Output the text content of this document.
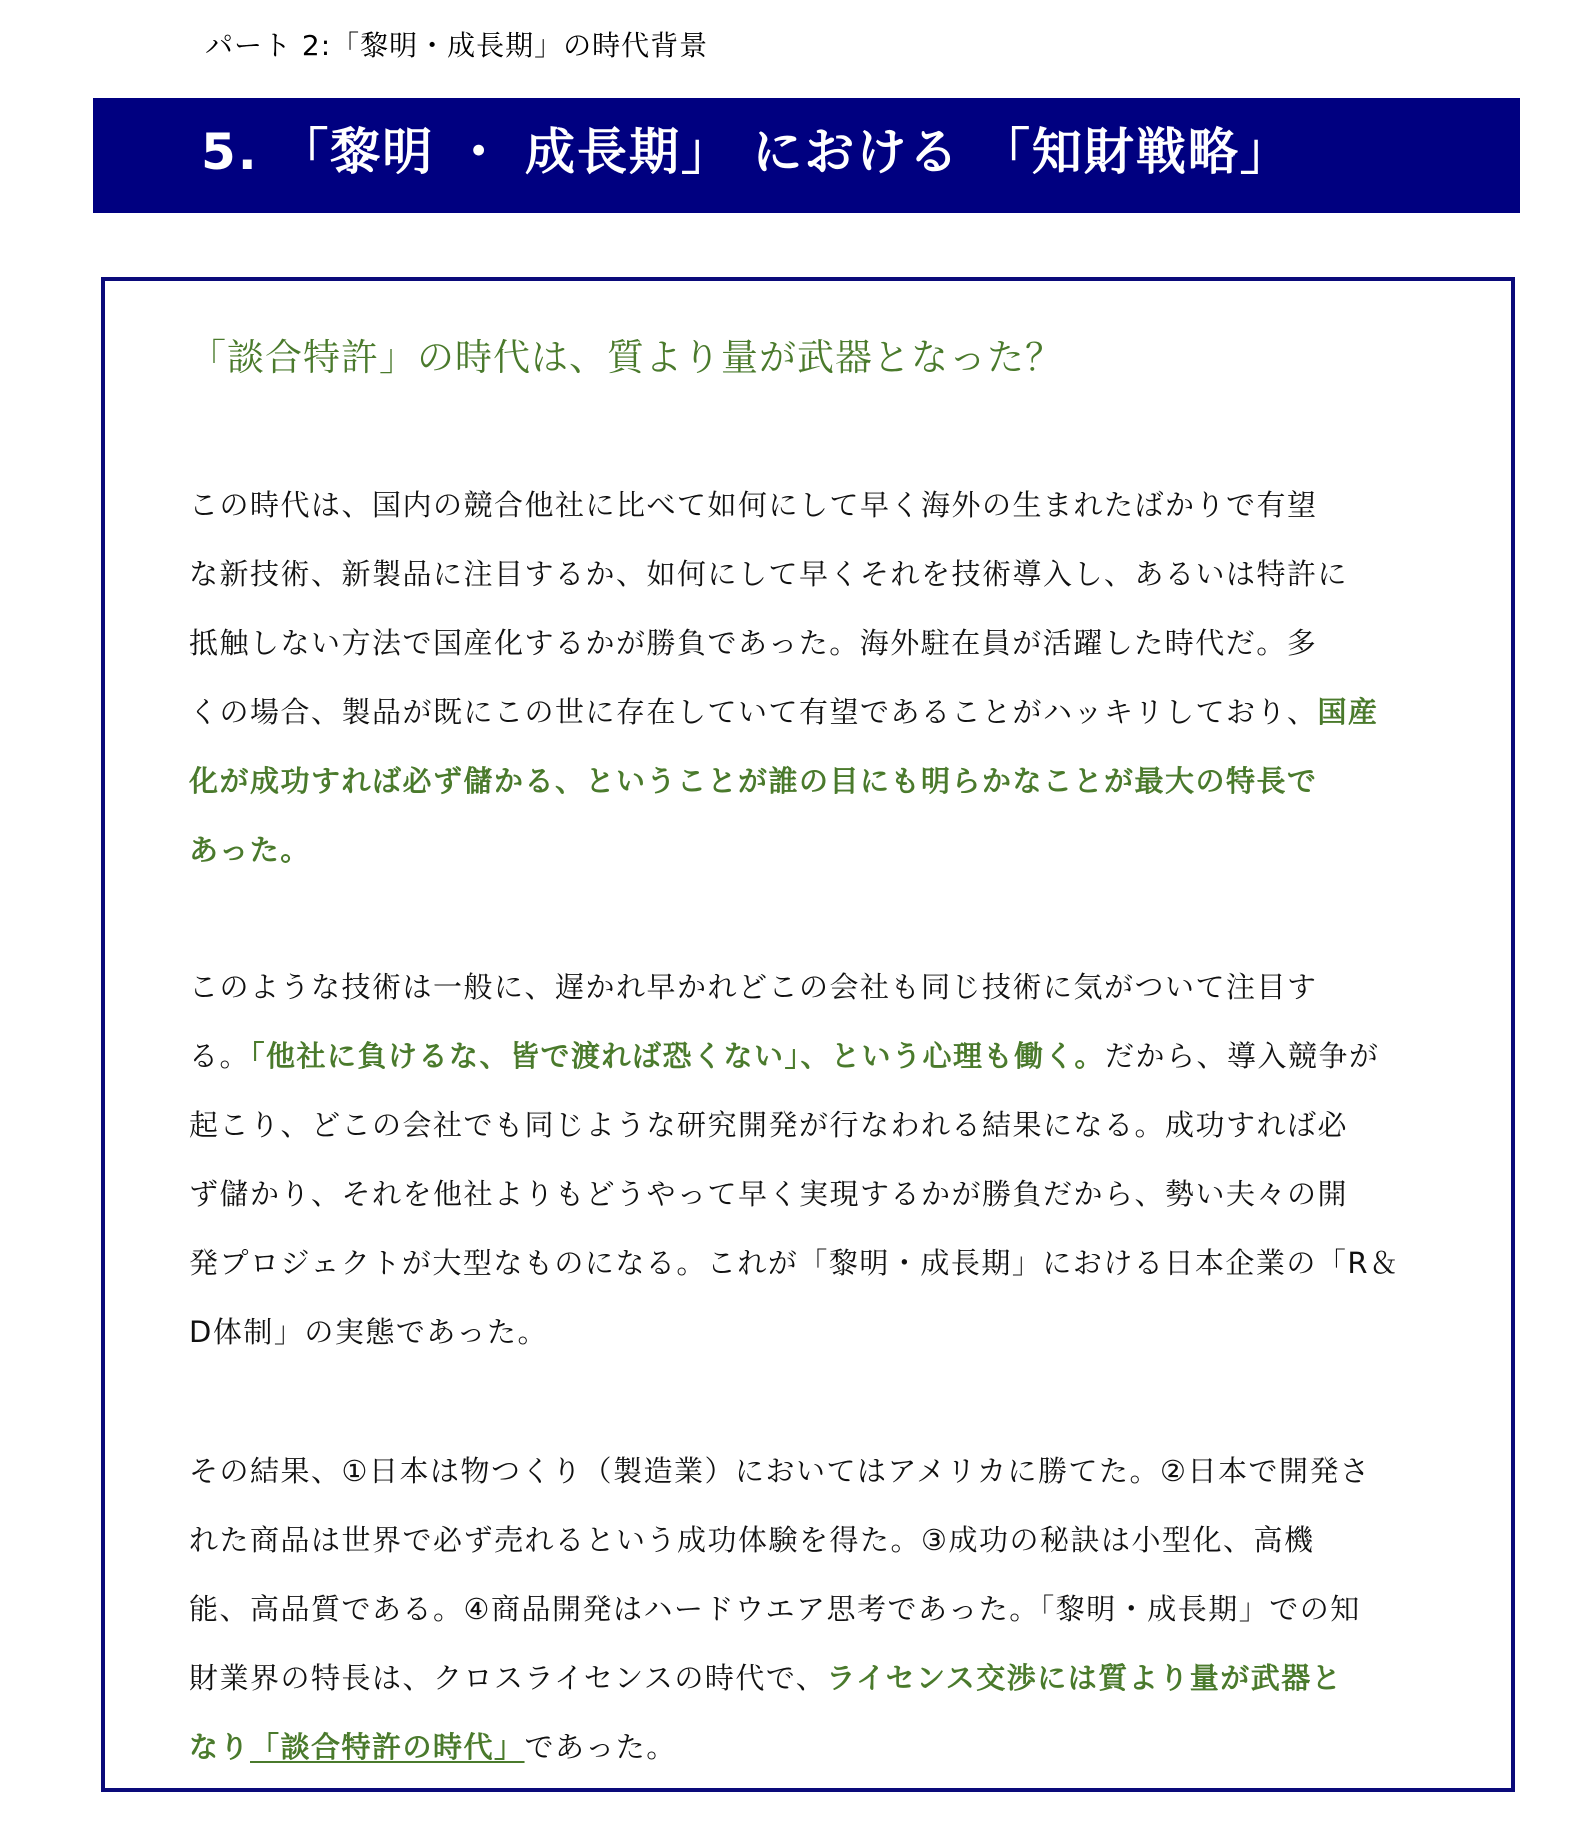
パート 2:「黎明・成長期」の時代背景
5. 「黎明 ・ 成長期」 における 「知財戦略」
「談合特許」の時代は、質より量が武器となった？
この時代は、国内の競合他社に比べて如何にして早く海外の生まれたばかりで有望
な新技術、新製品に注目するか、如何にして早くそれを技術導入し、あるいは特許に
抵触しない方法で国産化するかが勝負であった。海外駐在員が活躍した時代だ。多
くの場合、製品が既にこの世に存在していて有望であることがハッキリしており、国産
化が成功すれば必ず儲かる、ということが誰の目にも明らかなことが最大の特長で
あった。
このような技術は一般に、遅かれ早かれどこの会社も同じ技術に気がついて注目す
る。「他社に負けるな、皆で渡れば恐くない」、という心理も働く。だから、導入競争が
起こり、どこの会社でも同じような研究開発が行なわれる結果になる。成功すれば必
ず儲かり、それを他社よりもどうやって早く実現するかが勝負だから、勢い夫々の開
発プロジェクトが大型なものになる。これが「黎明・成長期」における日本企業の「R＆
D体制」の実態であった。
その結果、①日本は物つくり（製造業）においてはアメリカに勝てた。②日本で開発さ
れた商品は世界で必ず売れるという成功体験を得た。③成功の秘訣は小型化、高機
能、高品質である。④商品開発はハードウエア思考であった。「黎明・成長期」での知
財業界の特長は、クロスライセンスの時代で、ライセンス交渉には質より量が武器と
なり「談合特許の時代」であった。
